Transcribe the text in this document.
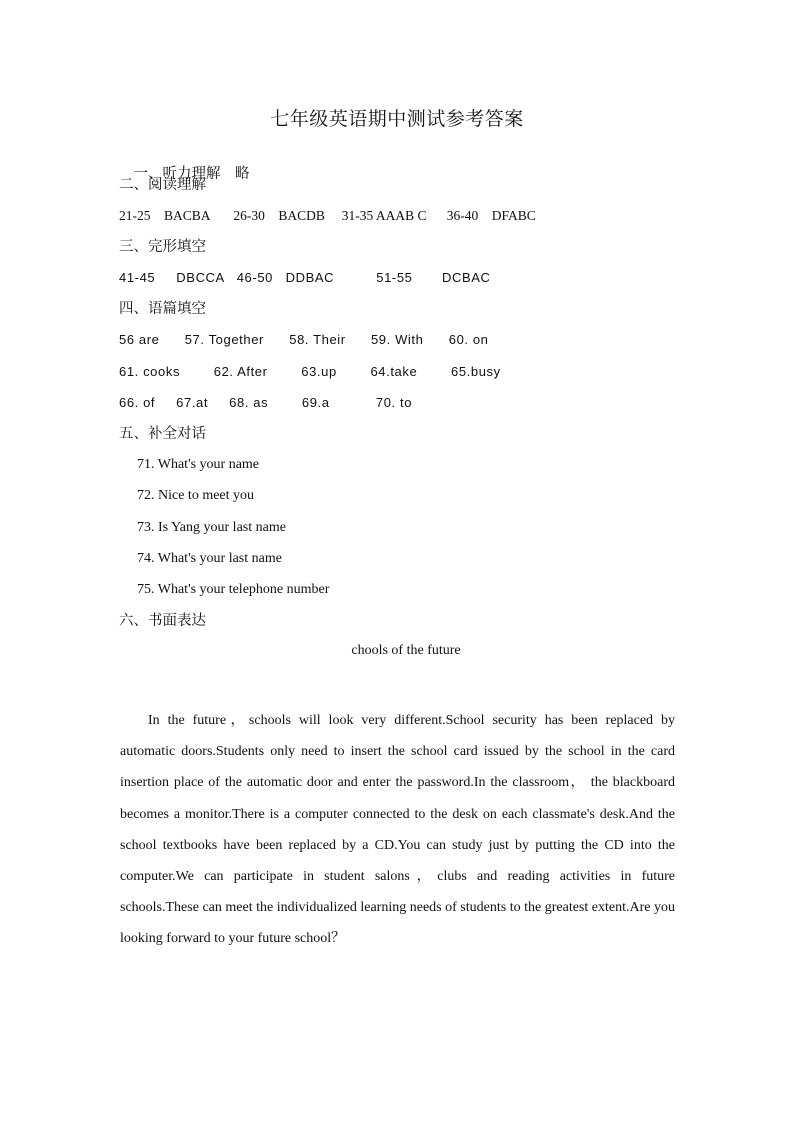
七年级英语期中测试参考答案

一、听力理解 略

二、阅读理解
21-25    BACBA       26-30    BACDB     31-35 AAAB C      36-40    DFABC
三、完形填空
41-45     DBCCA   46-50   DDBAC          51-55       DCBAC
四、语篇填空
56 are      57. Together      58. Their      59. With      60. on
61. cooks        62. After        63.up        64.take        65.busy
66. of     67.at     68. as        69.a           70. to
五、补全对话
71. What's your name
72. Nice to meet you
73. Is Yang your last name
74. What's your last name
75. What's your telephone number
六、书面表达
chools of the future

In the future，schools will look very different.School security has been replaced by automatic doors.Students only need to insert the school card issued by the school in the card insertion place of the automatic door and enter the password.In the classroom， the blackboard becomes a monitor.There is a computer connected to the desk on each classmate's desk.And the school textbooks have been replaced by a CD.You can study just by putting the CD into the computer.We can participate in student salons，clubs and reading activities in future schools.These can meet the individualized learning needs of students to the greatest extent.Are you looking forward to your future school？
